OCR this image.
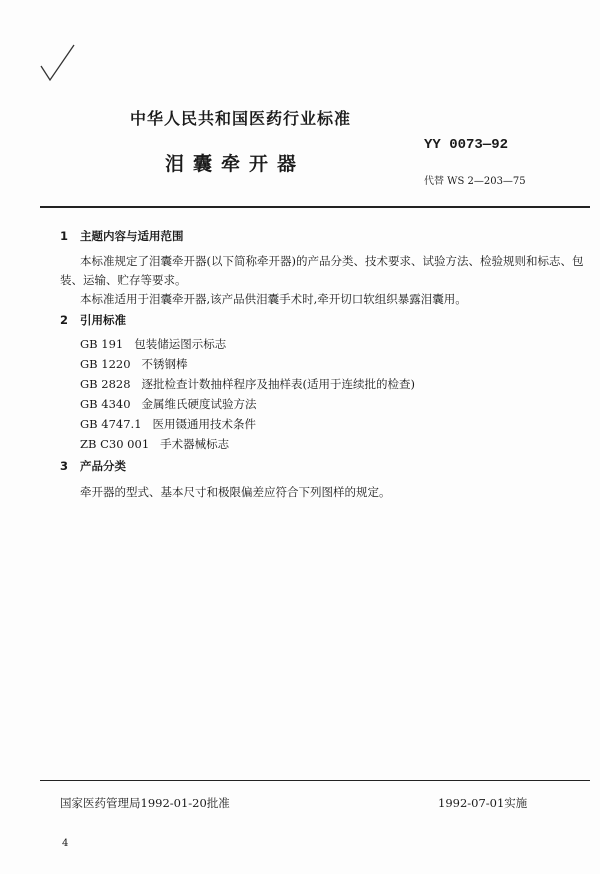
中华人民共和国医药行业标准
泪囊牵开器
YY 0073—92
代替 WS 2—203—75
1 主题内容与适用范围
本标准规定了泪囊牵开器(以下简称牵开器)的产品分类、技术要求、试验方法、检验规则和标志、包
装、运输、贮存等要求。
本标准适用于泪囊牵开器,该产品供泪囊手术时,牵开切口软组织暴露泪囊用。
2 引用标准
GB 191 包装储运图示标志
GB 1220 不锈钢棒
GB 2828 逐批检查计数抽样程序及抽样表(适用于连续批的检查)
GB 4340 金属维氏硬度试验方法
GB 4747.1 医用镊通用技术条件
ZB C30 001 手术器械标志
3 产品分类
牵开器的型式、基本尺寸和极限偏差应符合下列图样的规定。
国家医药管理局1992-01-20批准	1992-07-01实施
4
